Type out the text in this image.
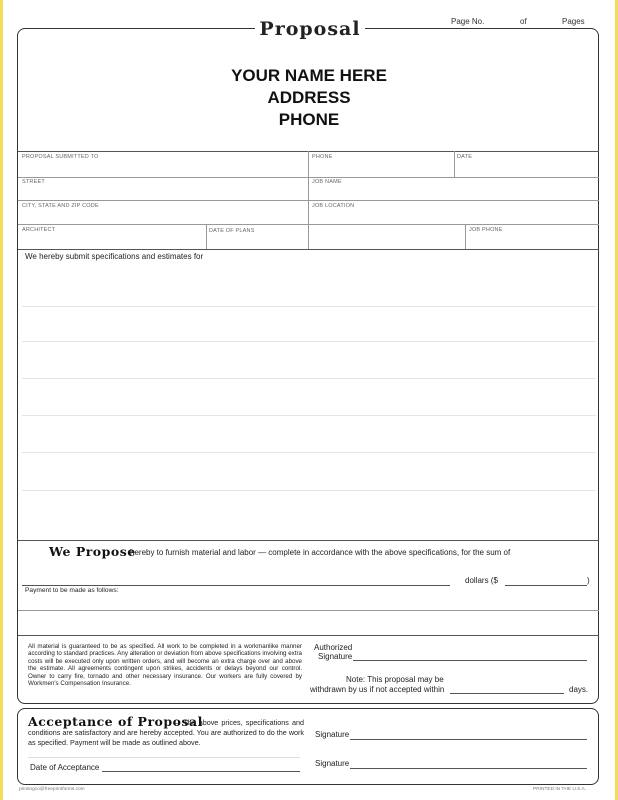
Proposal	Page No.	of	Pages
YOUR NAME HERE
ADDRESS
PHONE
PROPOSAL SUBMITTED TO	PHONE	DATE
STREET	JOB NAME
CITY, STATE AND ZIP CODE	JOB LOCATION
ARCHITECT	DATE OF PLANS	JOB PHONE
We hereby submit specifications and estimates for
We Propose
hereby to furnish material and labor — complete in accordance with the above specifications, for the sum of
dollars ($	)
Payment to be made as follows:
All material is guaranteed to be as specified. All work to be completed in a workmanlike manner according to standard practices. Any alteration or deviation from above specifications involving extra costs will be executed only upon written orders, and will become an extra charge over and above the estimate. All agreements contingent upon strikes, accidents or delays beyond our control. Owner to carry fire, tornado and other necessary insurance. Our workers are fully covered by Workmen's Compensation Insurance.
Authorized
Signature
Note: This proposal may be
withdrawn by us if not accepted within	days.
Acceptance of Proposal
— The above prices, specifications and conditions are satisfactory and are hereby accepted. You are authorized to do the work as specified. Payment will be made as outlined above.
Signature
Date of Acceptance	Signature
printingco@freeprintforms.com	PRINTED IN THE U.S.A.
